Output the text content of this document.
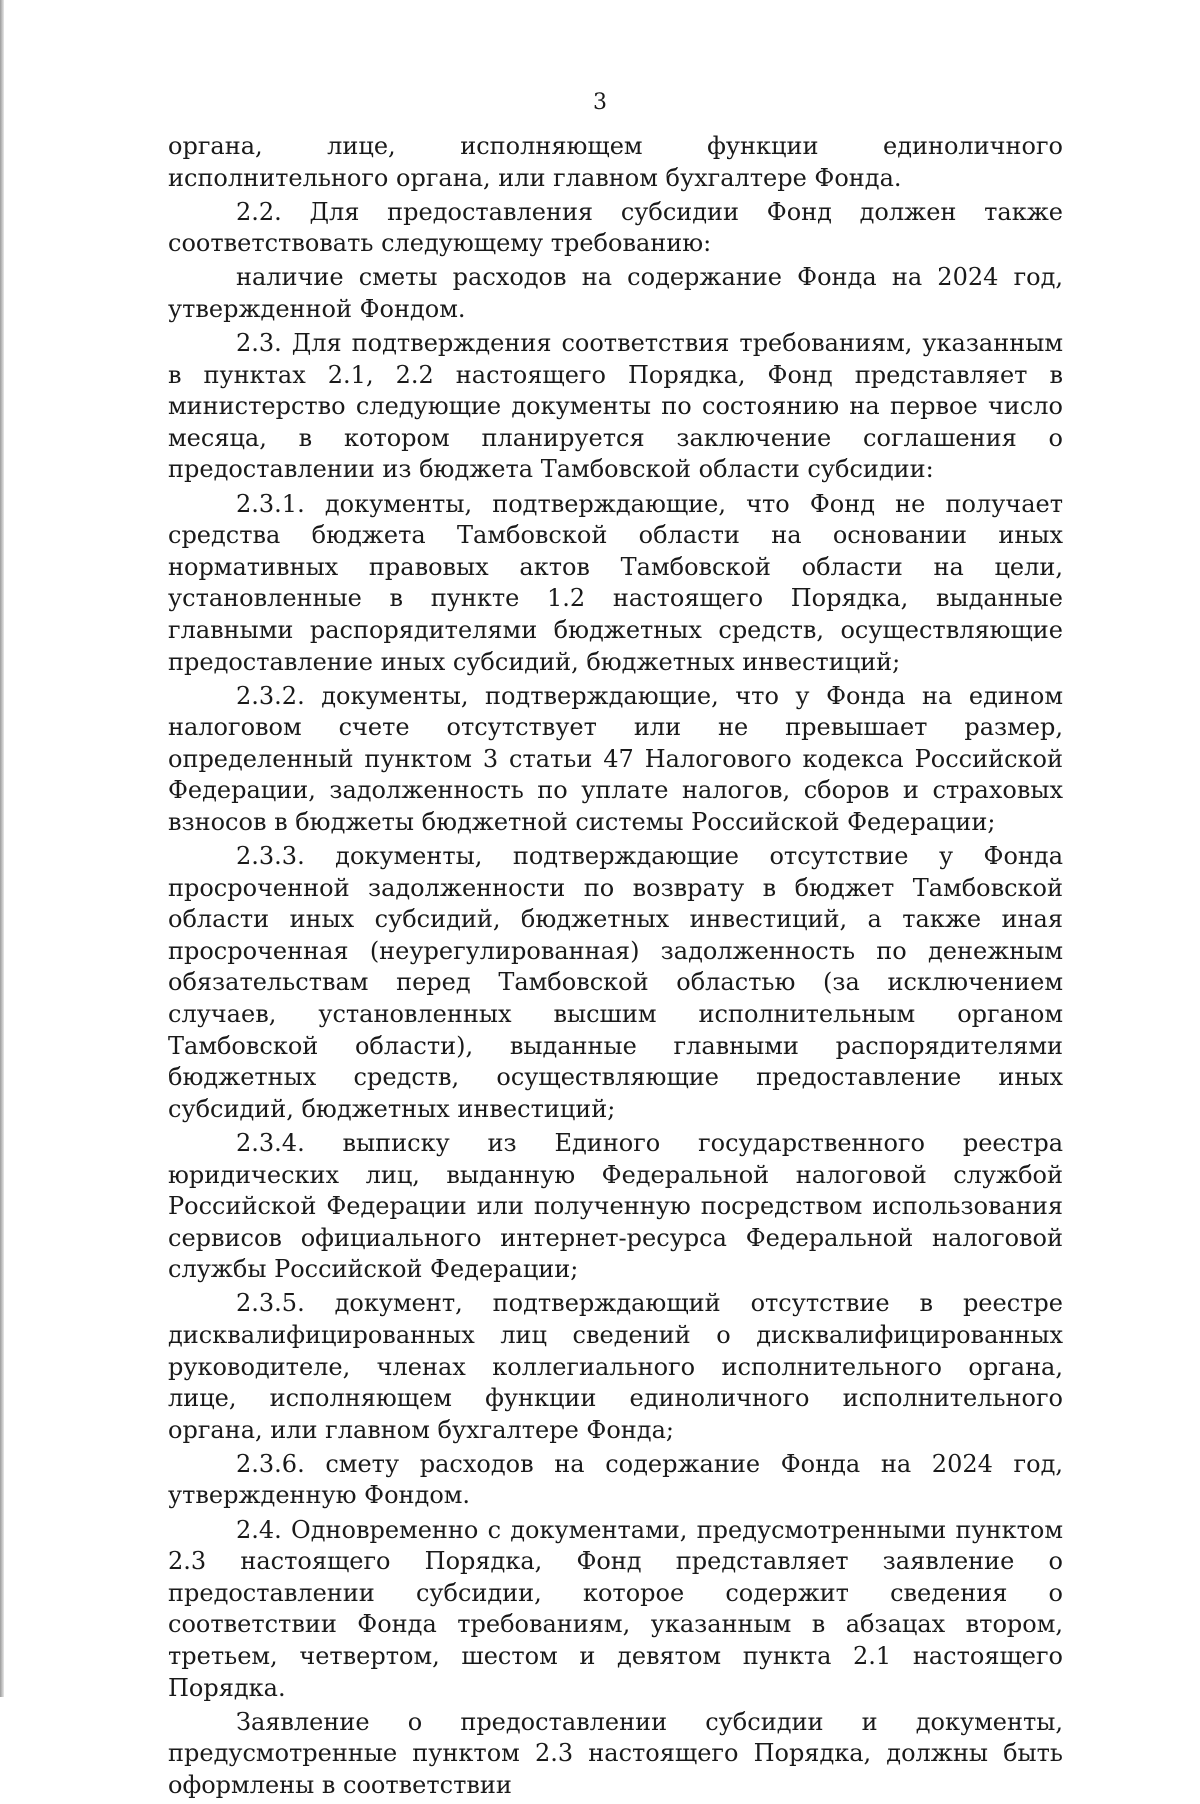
3

органа, лице, исполняющем функции единоличного исполнительного органа, или главном бухгалтере Фонда.

2.2. Для предоставления субсидии Фонд должен также соответствовать следующему требованию:

наличие сметы расходов на содержание Фонда на 2024 год, утвержденной Фондом.

2.3. Для подтверждения соответствия требованиям, указанным в пунктах 2.1, 2.2 настоящего Порядка, Фонд представляет в министерство следующие документы по состоянию на первое число месяца, в котором планируется заключение соглашения о предоставлении из бюджета Тамбовской области субсидии:

2.3.1. документы, подтверждающие, что Фонд не получает средства бюджета Тамбовской области на основании иных нормативных правовых актов Тамбовской области на цели, установленные в пункте 1.2 настоящего Порядка, выданные главными распорядителями бюджетных средств, осуществляющие предоставление иных субсидий, бюджетных инвестиций;

2.3.2. документы, подтверждающие, что у Фонда на едином налоговом счете отсутствует или не превышает размер, определенный пунктом 3 статьи 47 Налогового кодекса Российской Федерации, задолженность по уплате налогов, сборов и страховых взносов в бюджеты бюджетной системы Российской Федерации;

2.3.3. документы, подтверждающие отсутствие у Фонда просроченной задолженности по возврату в бюджет Тамбовской области иных субсидий, бюджетных инвестиций, а также иная просроченная (неурегулированная) задолженность по денежным обязательствам перед Тамбовской областью (за исключением случаев, установленных высшим исполнительным органом Тамбовской области), выданные главными распорядителями бюджетных средств, осуществляющие предоставление иных субсидий, бюджетных инвестиций;

2.3.4. выписку из Единого государственного реестра юридических лиц, выданную Федеральной налоговой службой Российской Федерации или полученную посредством использования сервисов официального интернет-ресурса Федеральной налоговой службы Российской Федерации;

2.3.5. документ, подтверждающий отсутствие в реестре дисквалифицированных лиц сведений о дисквалифицированных руководителе, членах коллегиального исполнительного органа, лице, исполняющем функции единоличного исполнительного органа, или главном бухгалтере Фонда;

2.3.6. смету расходов на содержание Фонда на 2024 год, утвержденную Фондом.

2.4. Одновременно с документами, предусмотренными пунктом 2.3 настоящего Порядка, Фонд представляет заявление о предоставлении субсидии, которое содержит сведения о соответствии Фонда требованиям, указанным в абзацах втором, третьем, четвертом, шестом и девятом пункта 2.1 настоящего Порядка.

Заявление о предоставлении субсидии и документы, предусмотренные пунктом 2.3 настоящего Порядка, должны быть оформлены в соответствии
